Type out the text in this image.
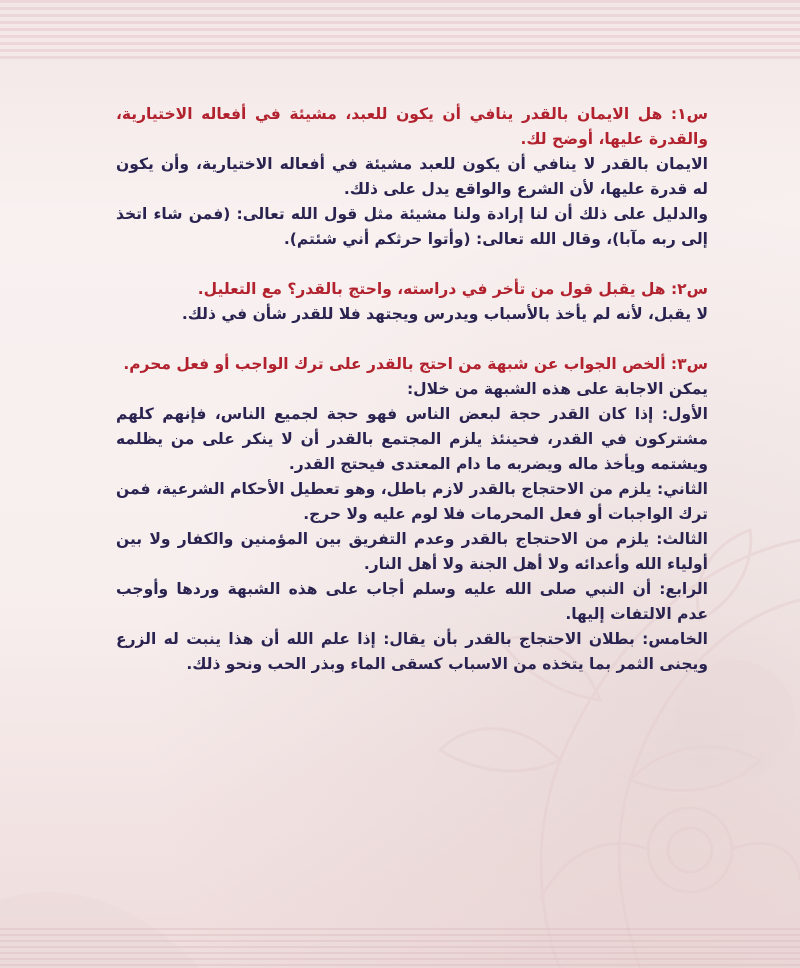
س١: هل الايمان بالقدر ينافي أن يكون للعبد، مشيئة في أفعاله الاختيارية، والقدرة عليها، أوضح لك.

الايمان بالقدر لا ينافي أن يكون للعبد مشيئة في أفعاله الاختيارية، وأن يكون له قدرة عليها، لأن الشرع والواقع يدل على ذلك.

والدليل على ذلك أن لنا إرادة ولنا مشيئة مثل قول الله تعالى: (فمن شاء اتخذ إلى ربه مآبا)، وقال الله تعالى: (وأتوا حرثكم أني شئتم).

س٢: هل يقبل قول من تأخر في دراسته، واحتج بالقدر؟ مع التعليل.

لا يقبل، لأنه لم يأخذ بالأسباب ويدرس ويجتهد فلا للقدر شأن في ذلك.

س٣: ألخص الجواب عن شبهة من احتج بالقدر على ترك الواجب أو فعل محرم.

يمكن الاجابة على هذه الشبهة من خلال:

الأول: إذا كان القدر حجة لبعض الناس فهو حجة لجميع الناس، فإنهم كلهم مشتركون في القدر، فحينئذ يلزم المجتمع بالقدر أن لا ينكر على من يظلمه ويشتمه ويأخذ ماله ويضربه ما دام المعتدى فيحتج القدر.

الثاني: يلزم من الاحتجاج بالقدر لازم باطل، وهو تعطيل الأحكام الشرعية، فمن ترك الواجبات أو فعل المحرمات فلا لوم عليه ولا حرج.

الثالث: يلزم من الاحتجاج بالقدر وعدم التفريق بين المؤمنين والكفار ولا بين أولياء الله وأعدائه ولا أهل الجنة ولا أهل النار.

الرابع: أن النبي صلى الله عليه وسلم أجاب على هذه الشبهة وردها وأوجب عدم الالتفات إليها.

الخامس: بطلان الاحتجاج بالقدر بأن يقال: إذا علم الله أن هذا ينبت له الزرع ويجنى الثمر بما يتخذه من الاسباب كسقى الماء وبذر الحب ونحو ذلك.
